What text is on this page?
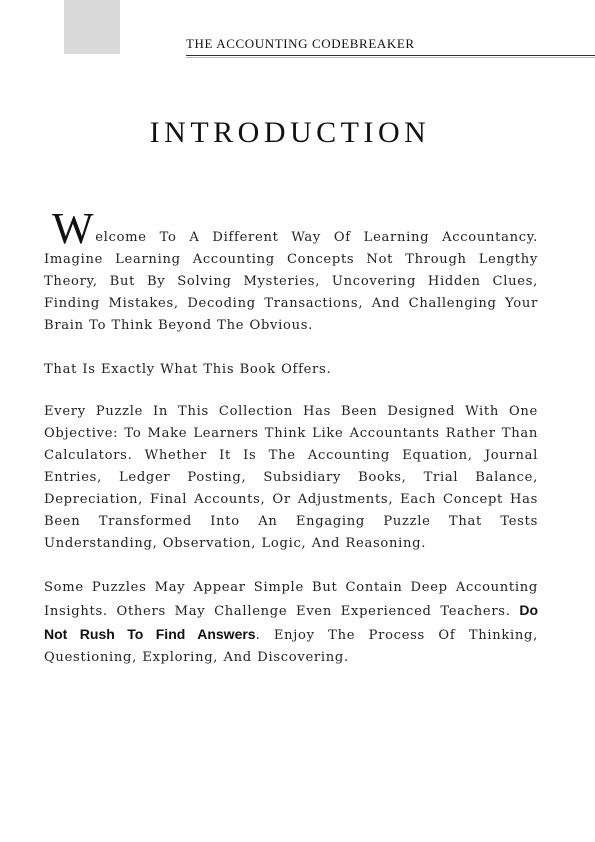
THE ACCOUNTING CODEBREAKER
INTRODUCTION

Welcome To A Different Way Of Learning Accountancy. Imagine Learning Accounting Concepts Not Through Lengthy Theory, But By Solving Mysteries, Uncovering Hidden Clues, Finding Mistakes, Decoding Transactions, And Challenging Your Brain To Think Beyond The Obvious.

That Is Exactly What This Book Offers.

Every Puzzle In This Collection Has Been Designed With One Objective: To Make Learners Think Like Accountants Rather Than Calculators. Whether It Is The Accounting Equation, Journal Entries, Ledger Posting, Subsidiary Books, Trial Balance, Depreciation, Final Accounts, Or Adjustments, Each Concept Has Been Transformed Into An Engaging Puzzle That Tests Understanding, Observation, Logic, And Reasoning.

Some Puzzles May Appear Simple But Contain Deep Accounting Insights. Others May Challenge Even Experienced Teachers. Do Not Rush To Find Answers. Enjoy The Process Of Thinking, Questioning, Exploring, And Discovering.
